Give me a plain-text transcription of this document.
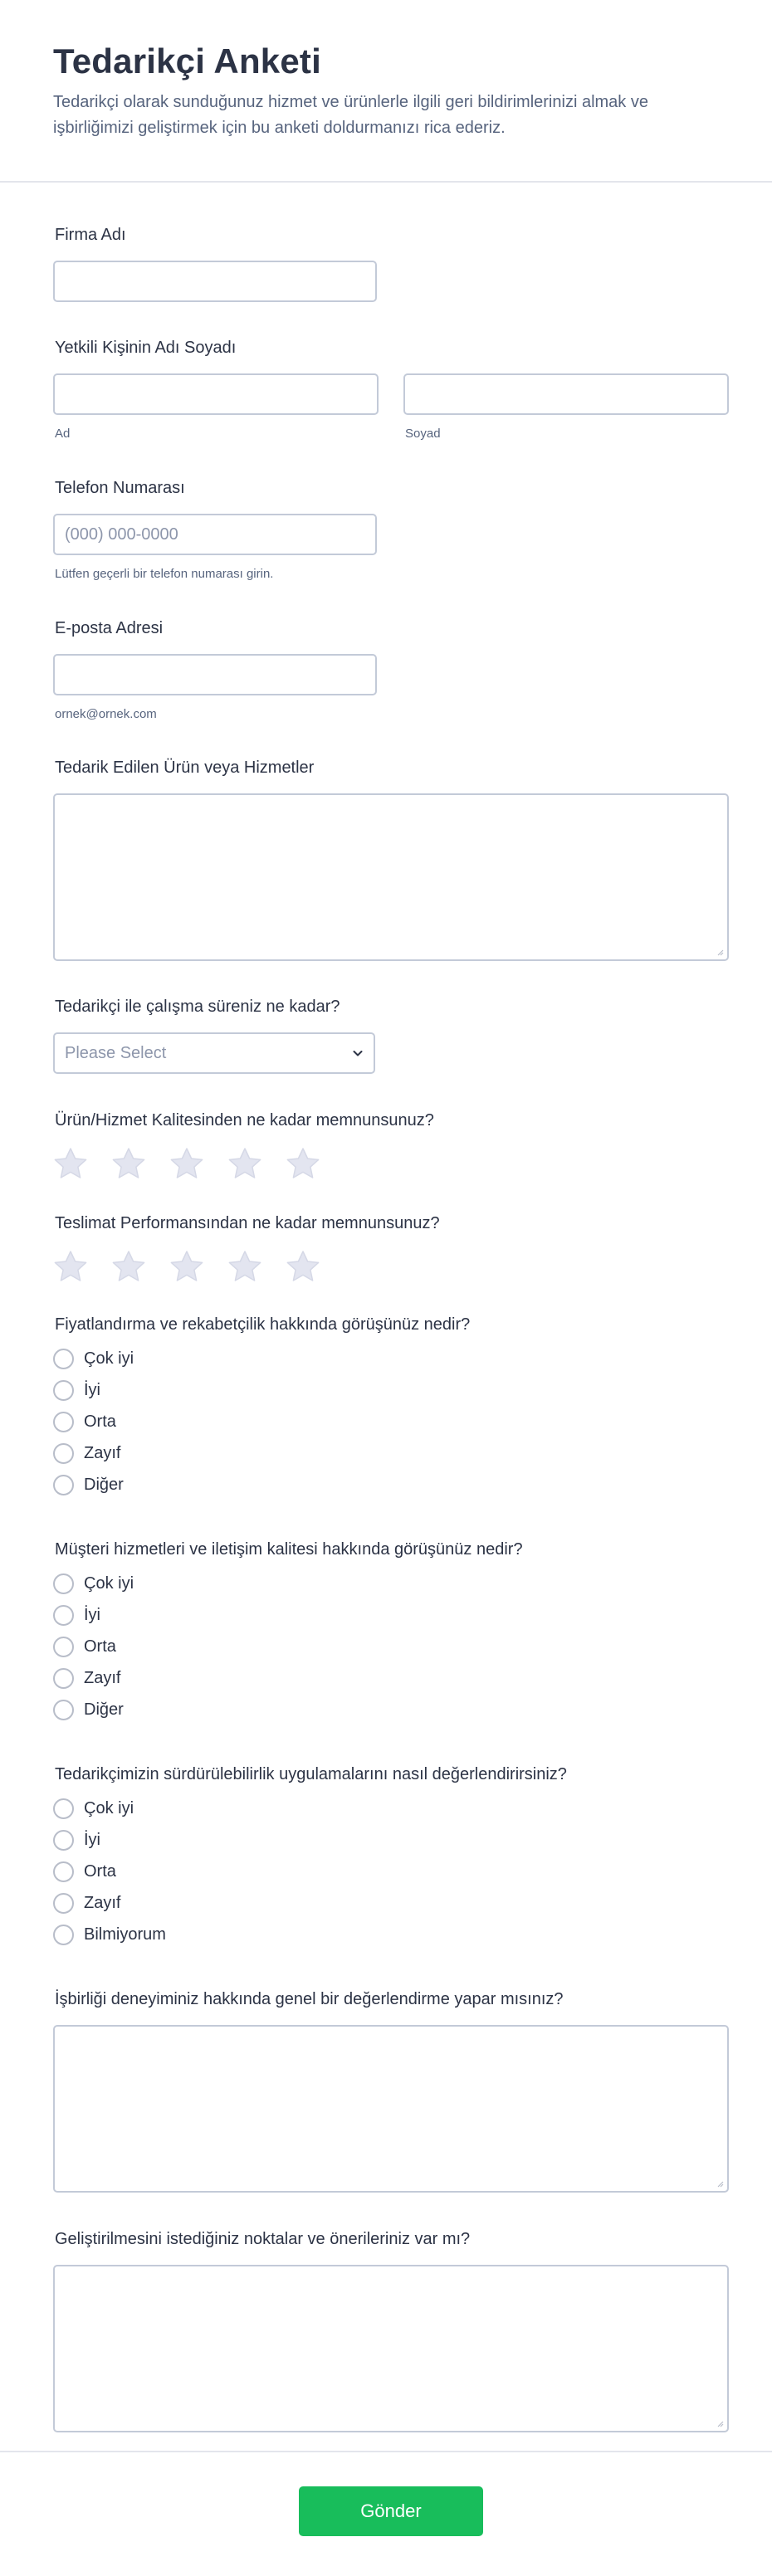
Tedarikçi Anketi

Tedarikçi olarak sunduğunuz hizmet ve ürünlerle ilgili geri bildirimlerinizi almak ve işbirliğimizi geliştirmek için bu anketi doldurmanızı rica ederiz.

Firma Adı
Yetkili Kişinin Adı Soyadı
Ad	Soyad
Telefon Numarası
(000) 000-0000
Lütfen geçerli bir telefon numarası girin.
E-posta Adresi
ornek@ornek.com
Tedarik Edilen Ürün veya Hizmetler
Tedarikçi ile çalışma süreniz ne kadar?
Please Select
Ürün/Hizmet Kalitesinden ne kadar memnunsunuz?
Teslimat Performansından ne kadar memnunsunuz?
Fiyatlandırma ve rekabetçilik hakkında görüşünüz nedir?
Çok iyi
İyi
Orta
Zayıf
Diğer
Müşteri hizmetleri ve iletişim kalitesi hakkında görüşünüz nedir?
Çok iyi
İyi
Orta
Zayıf
Diğer
Tedarikçimizin sürdürülebilirlik uygulamalarını nasıl değerlendirirsiniz?
Çok iyi
İyi
Orta
Zayıf
Bilmiyorum
İşbirliği deneyiminiz hakkında genel bir değerlendirme yapar mısınız?
Geliştirilmesini istediğiniz noktalar ve önerileriniz var mı?
Gönder
